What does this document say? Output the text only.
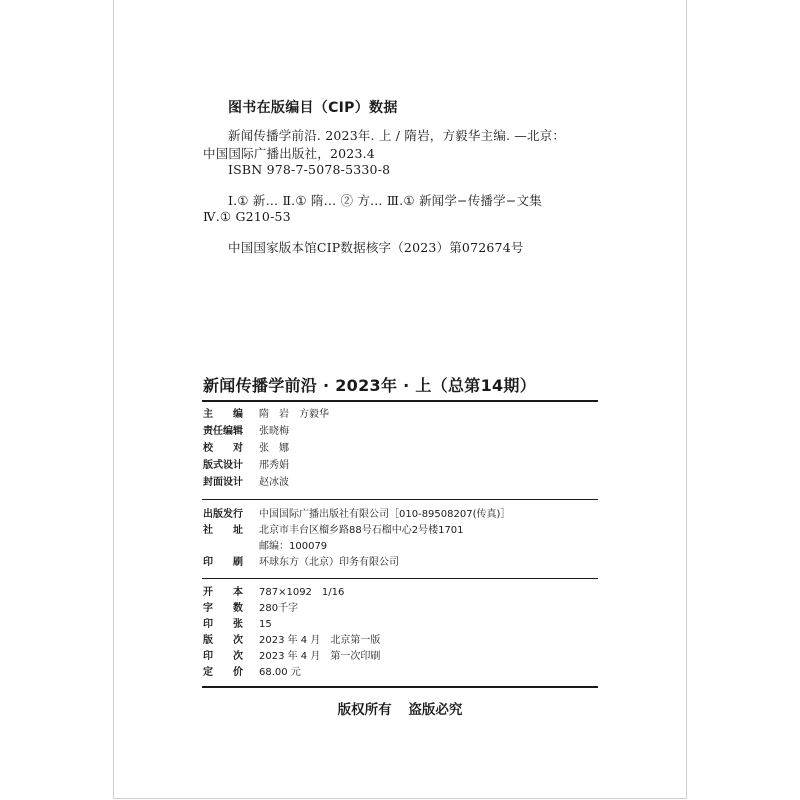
图书在版编目（CIP）数据
新闻传播学前沿. 2023年. 上 / 隋岩，方毅华主编. —北京：
中国国际广播出版社，2023.4
ISBN 978-7-5078-5330-8
Ⅰ.① 新… Ⅱ.① 隋… ② 方… Ⅲ.① 新闻学−传播学−文集
Ⅳ.① G210-53
中国国家版本馆CIP数据核字（2023）第072674号
新闻传播学前沿 · 2023年 · 上（总第14期）
主　　编 隋　岩　方毅华
责任编辑 张晓梅
校　　对 张　娜
版式设计 邢秀娟
封面设计 赵冰波
出版发行 中国国际广播出版社有限公司［010-89508207(传真)］
社　　址 北京市丰台区榴乡路88号石榴中心2号楼1701
邮编：100079
印　　刷 环球东方（北京）印务有限公司
开　　本 787×1092　1/16
字　　数 280千字
印　　张 15
版　　次 2023 年 4 月　北京第一版
印　　次 2023 年 4 月　第一次印刷
定　　价 68.00 元
版权所有 盗版必究
